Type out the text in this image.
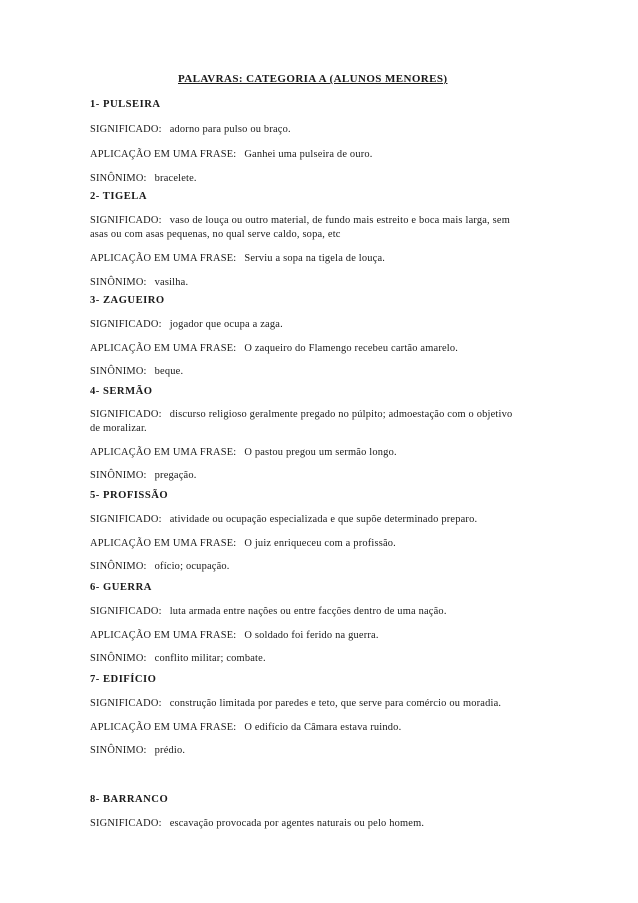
PALAVRAS: CATEGORIA A (ALUNOS MENORES)
1- PULSEIRA
SIGNIFICADO: adorno para pulso ou braço.
APLICAÇÃO EM UMA FRASE: Ganhei uma pulseira de ouro.
SINÔNIMO: bracelete.
2- TIGELA
SIGNIFICADO: vaso de louça ou outro material, de fundo mais estreito e boca mais larga, sem
asas ou com asas pequenas, no qual serve caldo, sopa, etc
APLICAÇÃO EM UMA FRASE: Serviu a sopa na tigela de louça.
SINÔNIMO: vasilha.
3- ZAGUEIRO
SIGNIFICADO: jogador que ocupa a zaga.
APLICAÇÃO EM UMA FRASE: O zaqueiro do Flamengo recebeu cartão amarelo.
SINÔNIMO: beque.
4- SERMÃO
SIGNIFICADO: discurso religioso geralmente pregado no púlpito; admoestação com o objetivo
de moralizar.
APLICAÇÃO EM UMA FRASE: O pastou pregou um sermão longo.
SINÔNIMO: pregação.
5- PROFISSÃO
SIGNIFICADO: atividade ou ocupação especializada e que supõe determinado preparo.
APLICAÇÃO EM UMA FRASE: O juiz enriqueceu com a profissão.
SINÔNIMO: ofício; ocupação.
6- GUERRA
SIGNIFICADO: luta armada entre nações ou entre facções dentro de uma nação.
APLICAÇÃO EM UMA FRASE: O soldado foi ferido na guerra.
SINÔNIMO: conflito militar; combate.
7- EDIFÍCIO
SIGNIFICADO: construção limitada por paredes e teto, que serve para comércio ou moradia.
APLICAÇÃO EM UMA FRASE: O edifício da Câmara estava ruindo.
SINÔNIMO: prédio.
8- BARRANCO
SIGNIFICADO: escavação provocada por agentes naturais ou pelo homem.
